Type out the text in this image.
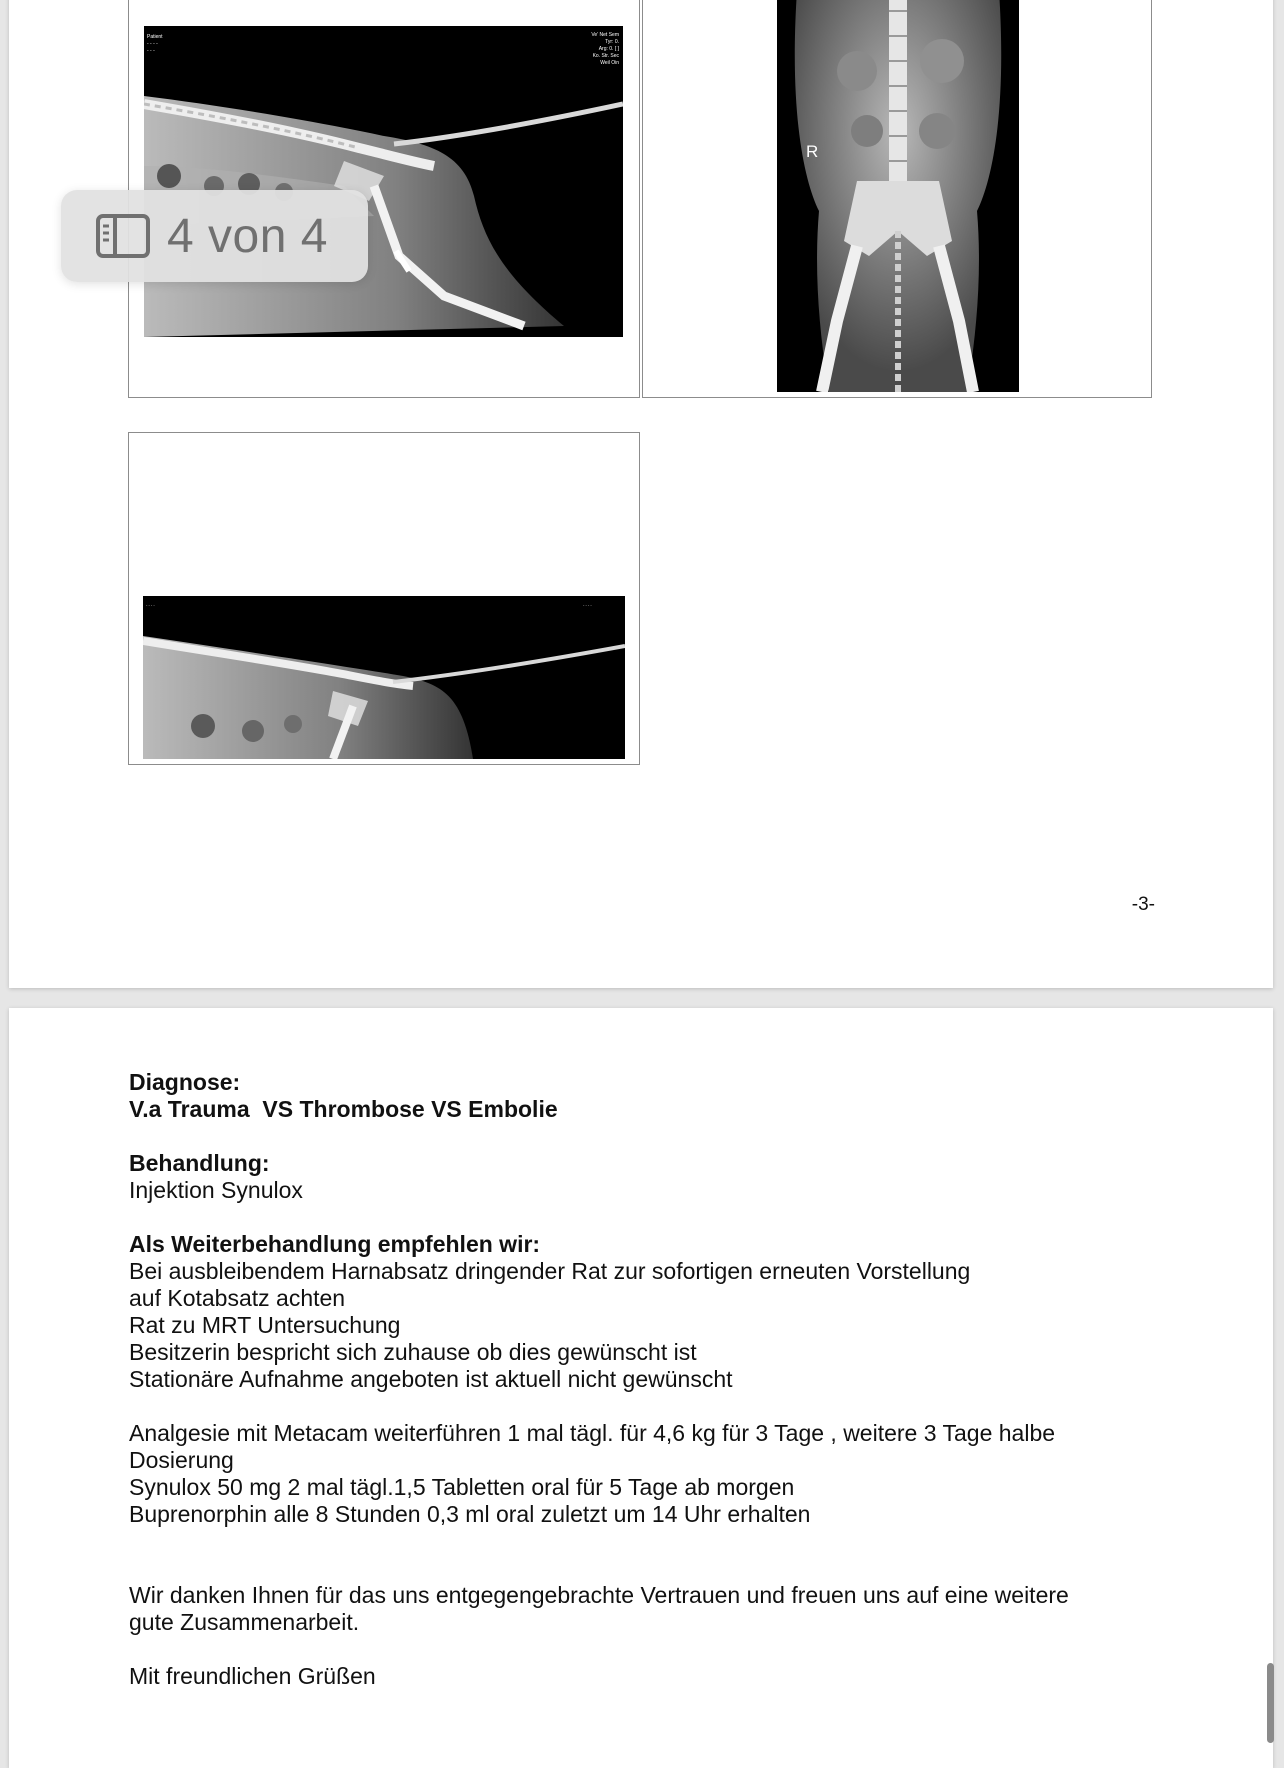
Patient
- - - -
- - -
Ve' Net Sem
Tyr: 0.
Arg: 0. [ ]
Ko. Str. Sec
Weil Oin
R
- - - -	- - - -
-3-
Diagnose:
V.a Trauma  VS Thrombose VS Embolie
Behandlung:
Injektion Synulox
Als Weiterbehandlung empfehlen wir:
Bei ausbleibendem Harnabsatz dringender Rat zur sofortigen erneuten Vorstellung
auf Kotabsatz achten
Rat zu MRT Untersuchung
Besitzerin bespricht sich zuhause ob dies gewünscht ist
Stationäre Aufnahme angeboten ist aktuell nicht gewünscht
Analgesie mit Metacam weiterführen 1 mal tägl. für 4,6 kg für 3 Tage , weitere 3 Tage halbe
Dosierung
Synulox 50 mg 2 mal tägl.1,5 Tabletten oral für 5 Tage ab morgen
Buprenorphin alle 8 Stunden 0,3 ml oral zuletzt um 14 Uhr erhalten
Wir danken Ihnen für das uns entgegengebrachte Vertrauen und freuen uns auf eine weitere
gute Zusammenarbeit.
Mit freundlichen Grüßen
4 von 4
